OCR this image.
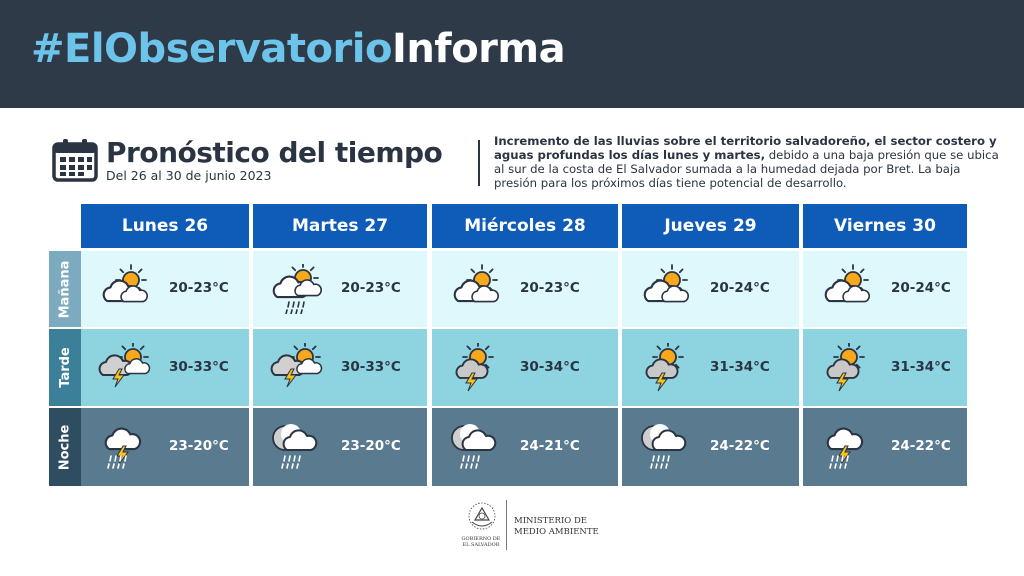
#ElObservatorioInforma
Pronóstico del tiempo
Del 26 al 30 de junio 2023
Incremento de las lluvias sobre el territorio salvadoreño, el sector costero y aguas profundas los días lunes y martes, debido a una baja presión que se ubica al sur de la costa de El Salvador sumada a la humedad dejada por Bret. La baja presión para los próximos días tiene potencial de desarrollo.
Mañana
Tarde
Noche
Lunes 26
20-23°C
30-33°C
23-20°C
Martes 27
20-23°C
30-33°C
23-20°C
Miércoles 28
20-23°C
30-34°C
24-21°C
Jueves 29
20-24°C
31-34°C
24-22°C
Viernes 30
20-24°C
31-34°C
24-22°C
GOBIERNO DE
EL SALVADOR
MINISTERIO DE
MEDIO AMBIENTE
